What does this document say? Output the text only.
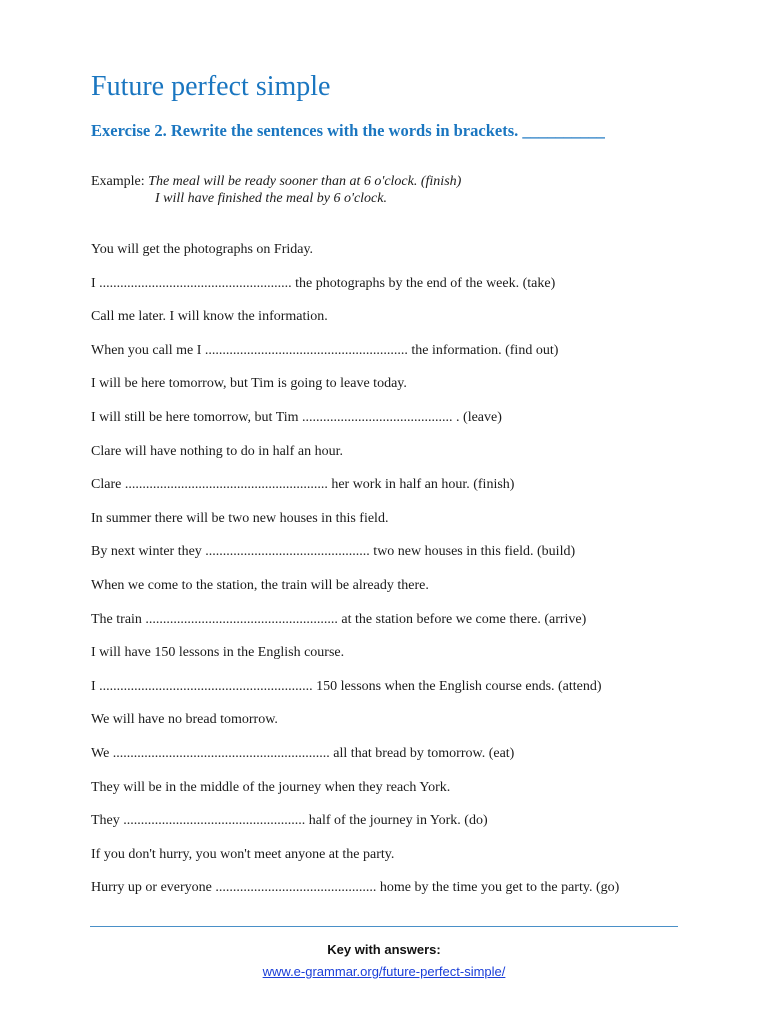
Future perfect simple
Exercise 2. Rewrite the sentences with the words in brackets. __________
Example: The meal will be ready sooner than at 6 o'clock. (finish)
I will have finished the meal by 6 o'clock.
You will get the photographs on Friday.
I ....................................................... the photographs by the end of the week. (take)
Call me later. I will know the information.
When you call me I .......................................................... the information. (find out)
I will be here tomorrow, but Tim is going to leave today.
I will still be here tomorrow, but Tim ........................................... . (leave)
Clare will have nothing to do in half an hour.
Clare .......................................................... her work in half an hour. (finish)
In summer there will be two new houses in this field.
By next winter they ............................................... two new houses in this field. (build)
When we come to the station, the train will be already there.
The train ....................................................... at the station before we come there. (arrive)
I will have 150 lessons in the English course.
I ............................................................. 150 lessons when the English course ends. (attend)
We will have no bread tomorrow.
We .............................................................. all that bread by tomorrow. (eat)
They will be in the middle of the journey when they reach York.
They .................................................... half of the journey in York. (do)
If you don't hurry, you won't meet anyone at the party.
Hurry up or everyone .............................................. home by the time you get to the party. (go)
Key with answers:
www.e-grammar.org/future-perfect-simple/
